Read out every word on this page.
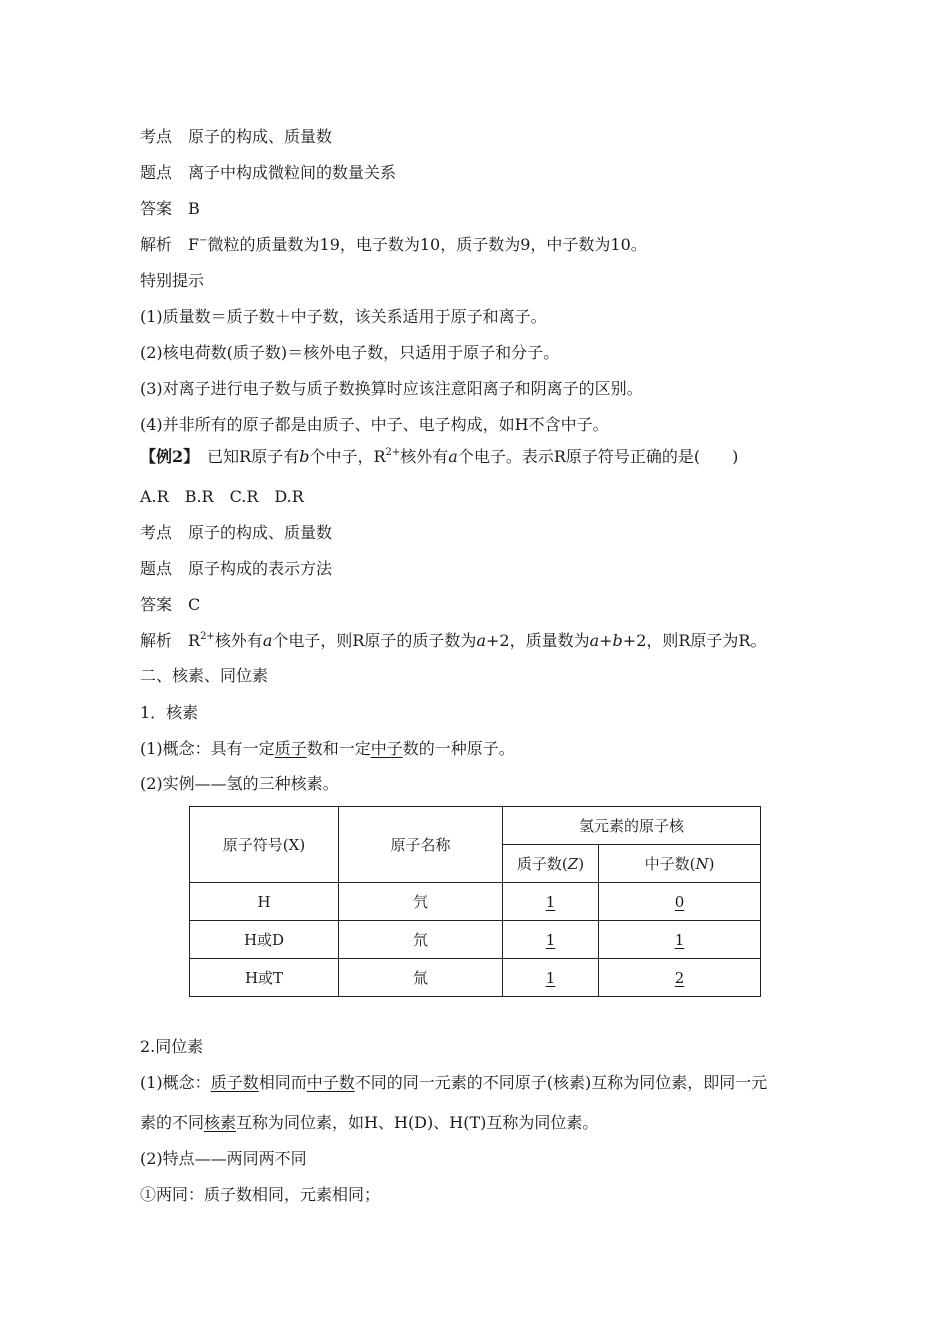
考点 原子的构成、质量数
题点 离子中构成微粒间的数量关系
答案 B
解析 F−微粒的质量数为19，电子数为10，质子数为9，中子数为10。
特别提示
(1)质量数＝质子数＋中子数，该关系适用于原子和离子。
(2)核电荷数(质子数)＝核外电子数，只适用于原子和分子。
(3)对离子进行电子数与质子数换算时应该注意阳离子和阴离子的区别。
(4)并非所有的原子都是由质子、中子、电子构成，如H不含中子。
【例2】 已知R原子有b个中子，$R^{2+}$核外有a个电子。表示R原子符号正确的是(　　)
A.R　B.R　C.R　D.R
考点 原子的构成、质量数
题点 原子构成的表示方法
答案 C
解析 $R^{2+}$核外有a个电子，则R原子的质子数为a+2，质量数为a+b+2，则R原子为R。
二、核素、同位素
1．核素
(1)概念：具有一定质子数和一定中子数的一种原子。
(2)实例——氢的三种核素。
原子符号(X)	原子名称	氢元素的原子核	
		质子数(Z)	中子数(N)
H	氕	1	0
H或D	氘	1	1
H或T	氚	1	2
2.同位素
(1)概念：质子数相同而中子数不同的同一元素的不同原子(核素)互称为同位素，即同一元
素的不同核素互称为同位素，如H、H(D)、H(T)互称为同位素。
(2)特点——两同两不同
①两同：质子数相同，元素相同；
